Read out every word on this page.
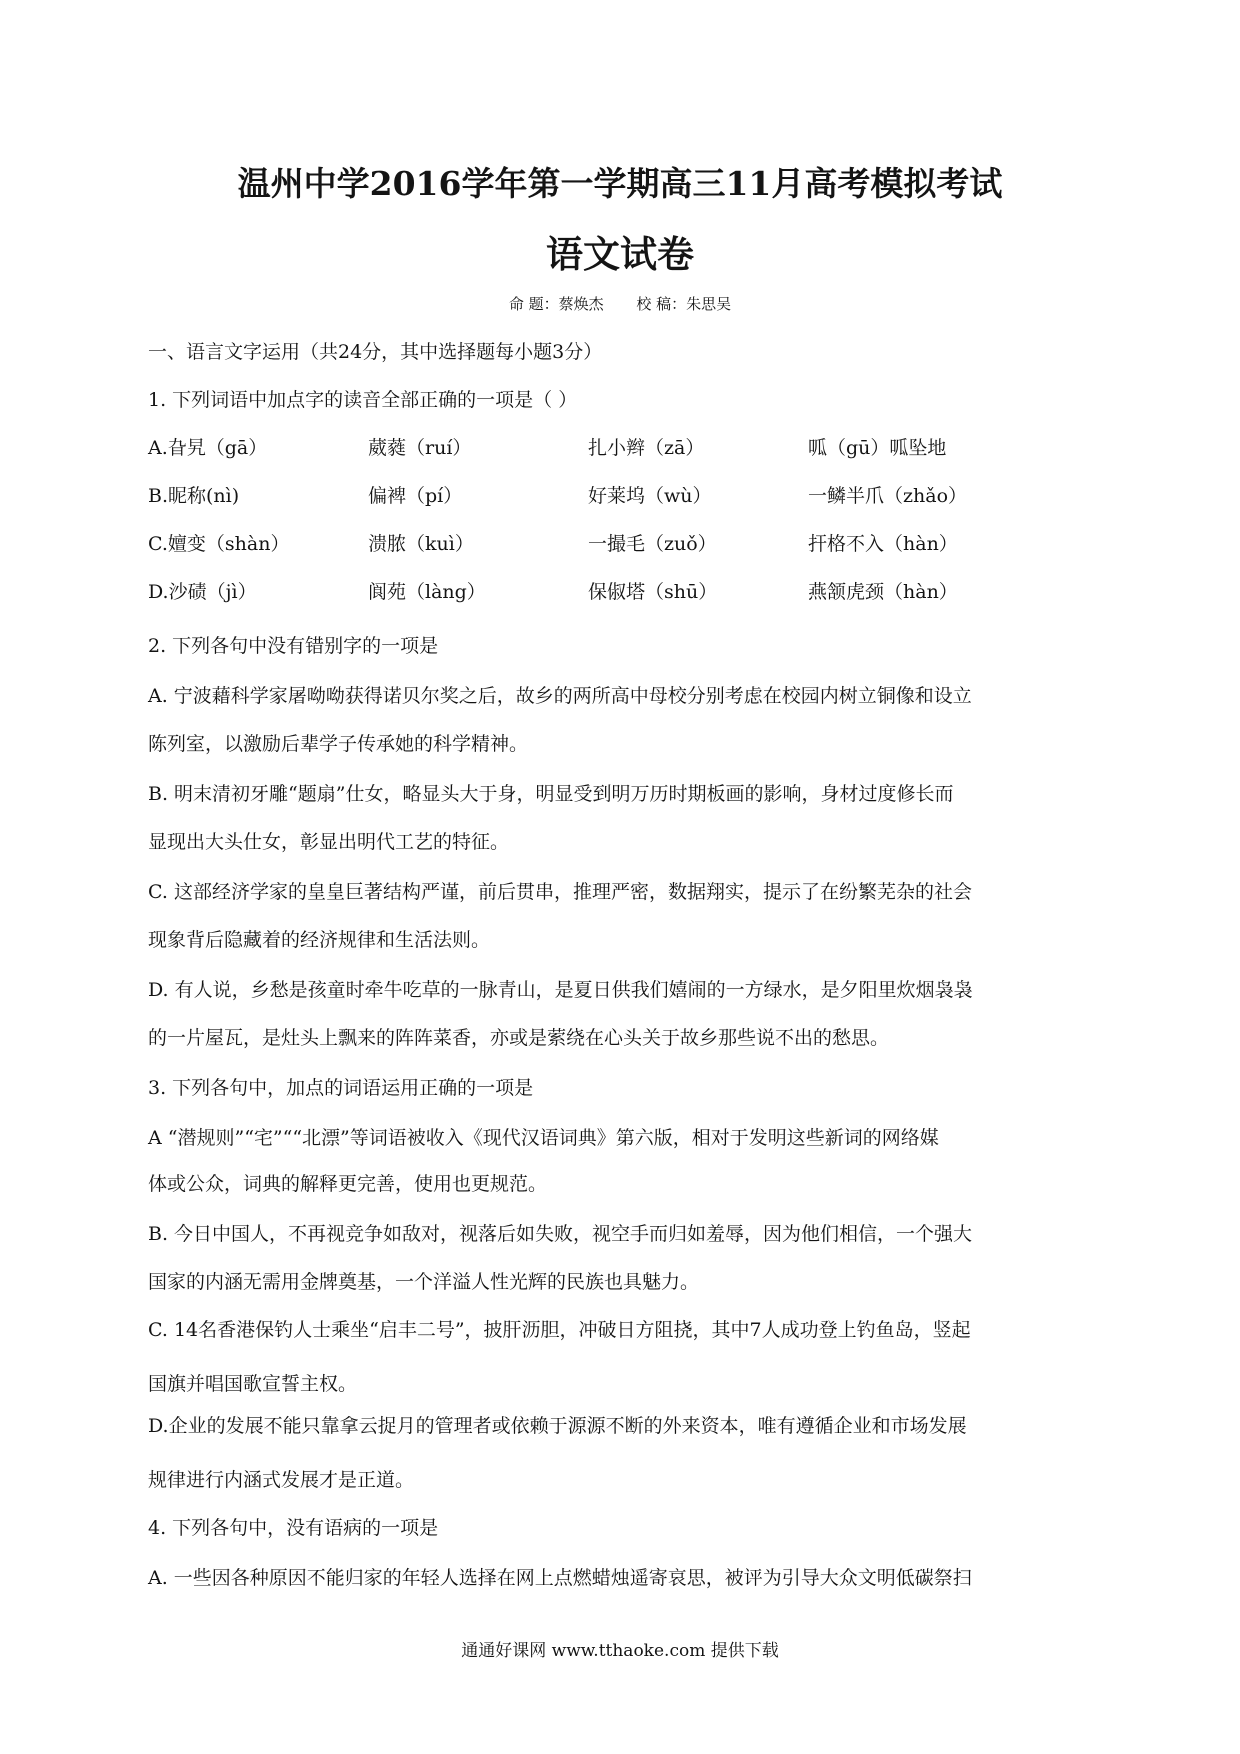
温州中学2016学年第一学期高三11月高考模拟考试
语文试卷
命 题：蔡焕杰 校 稿：朱思吴
一、语言文字运用（共24分，其中选择题每小题3分）
1. 下列词语中加点字的读音全部正确的一项是（ ）
A.旮旯（gā）	葳蕤（ruí）	扎小辫（zā）	呱（gū）呱坠地
B.昵称(nì)	偏裨（pí）	好莱坞（wù）	一鳞半爪（zhǎo）
C.嬗变（shàn）	溃脓（kuì）	一撮毛（zuǒ）	扞格不入（hàn）
D.沙碛（jì）	阆苑（làng）	保俶塔（shū）	燕颔虎颈（hàn）
2. 下列各句中没有错别字的一项是
A. 宁波藉科学家屠呦呦获得诺贝尔奖之后，故乡的两所高中母校分别考虑在校园内树立铜像和设立
陈列室，以激励后辈学子传承她的科学精神。
B. 明末清初牙雕“题扇”仕女，略显头大于身，明显受到明万历时期板画的影响，身材过度修长而
显现出大头仕女，彰显出明代工艺的特征。
C. 这部经济学家的皇皇巨著结构严谨，前后贯串，推理严密，数据翔实，提示了在纷繁芜杂的社会
现象背后隐藏着的经济规律和生活法则。
D. 有人说，乡愁是孩童时牵牛吃草的一脉青山，是夏日供我们嬉闹的一方绿水，是夕阳里炊烟袅袅
的一片屋瓦，是灶头上飘来的阵阵菜香，亦或是萦绕在心头关于故乡那些说不出的愁思。
3. 下列各句中，加点的词语运用正确的一项是
A “潜规则”“宅”““北漂”等词语被收入《现代汉语词典》第六版，相对于发明这些新词的网络媒
体或公众，词典的解释更完善，使用也更规范。
B. 今日中国人，不再视竞争如敌对，视落后如失败，视空手而归如羞辱，因为他们相信，一个强大
国家的内涵无需用金牌奠基，一个洋溢人性光辉的民族也具魅力。
C. 14名香港保钓人士乘坐“启丰二号”，披肝沥胆，冲破日方阻挠，其中7人成功登上钓鱼岛，竖起
国旗并唱国歌宣誓主权。
D.企业的发展不能只靠拿云捉月的管理者或依赖于源源不断的外来资本，唯有遵循企业和市场发展
规律进行内涵式发展才是正道。
4. 下列各句中，没有语病的一项是
A. 一些因各种原因不能归家的年轻人选择在网上点燃蜡烛遥寄哀思，被评为引导大众文明低碳祭扫
通通好课网 www.tthaoke.com 提供下载
